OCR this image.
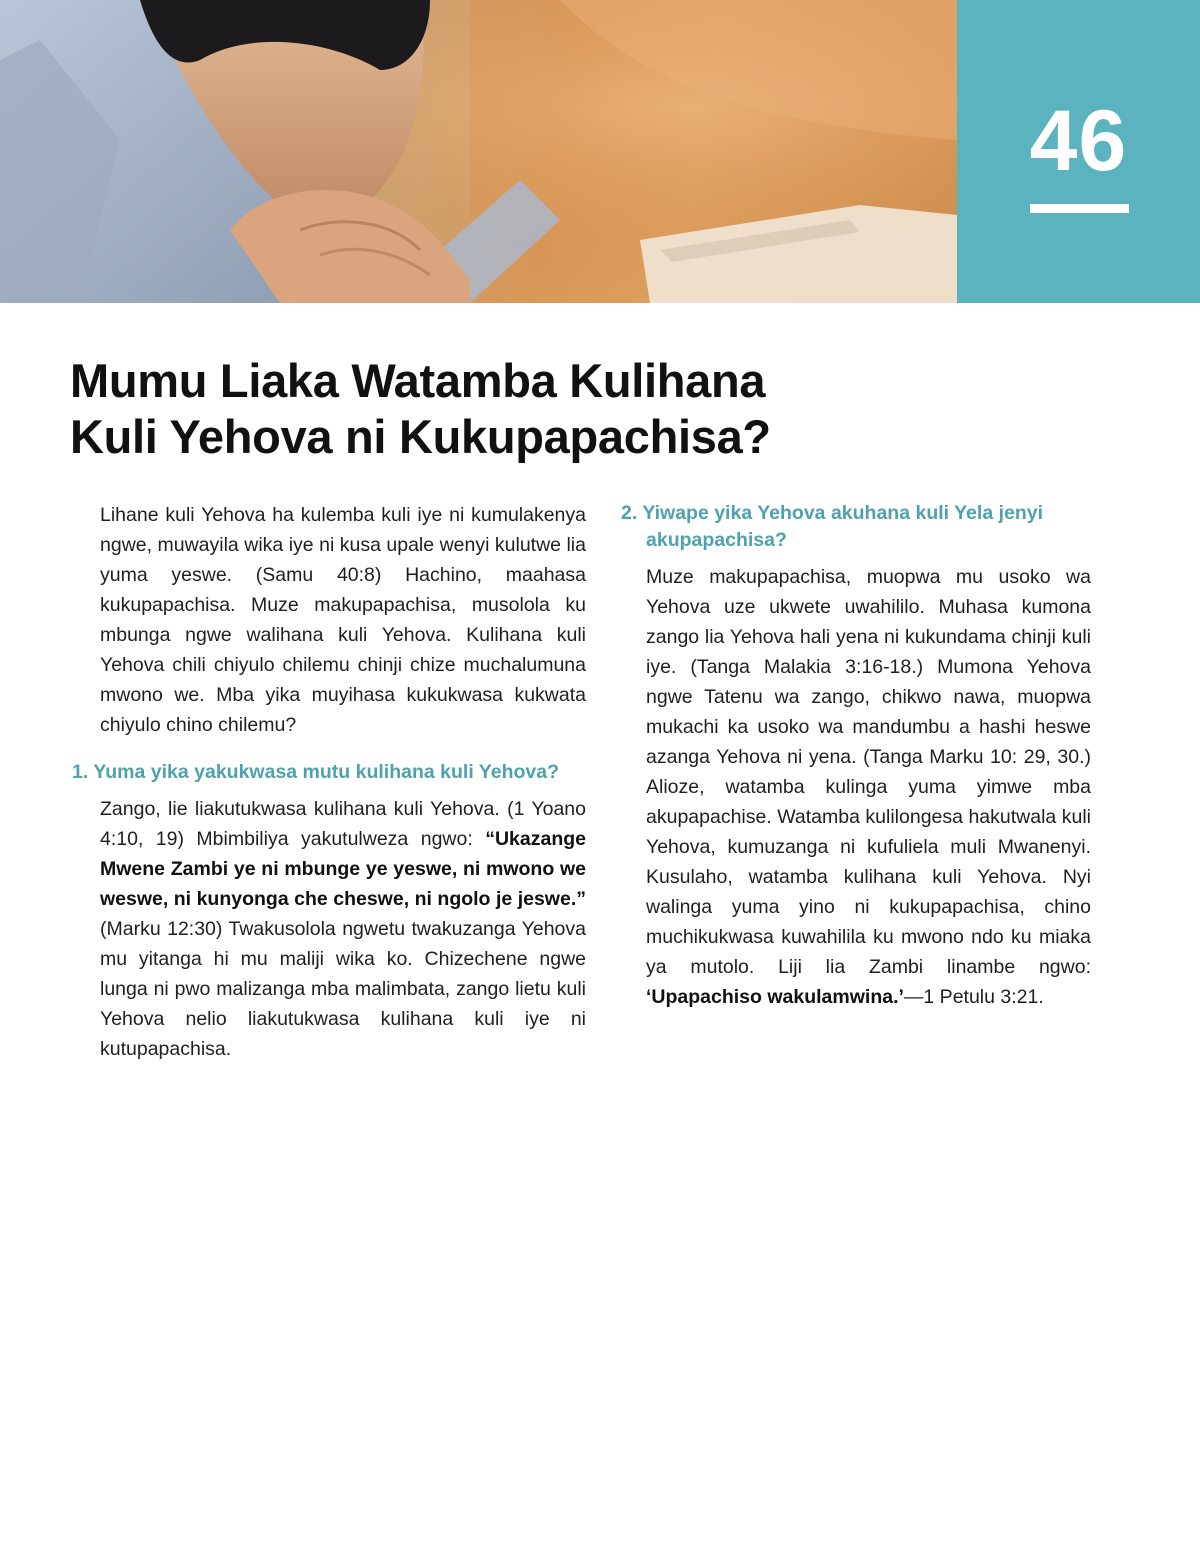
46
Mumu Liaka Watamba Kulihana
Kuli Yehova ni Kukupapachisa?

Lihane kuli Yehova ha kulemba kuli iye ni kumulakenya ngwe, muwayila wika iye ni kusa upale wenyi kulutwe lia yuma yeswe. (Samu 40:8) Hachino, maahasa kukupapachisa. Muze makupapachisa, musolola ku mbunga ngwe walihana kuli Yehova. Kulihana kuli Yehova chili chiyulo chilemu chinji chize muchalumuna mwono we. Mba yika muyihasa kukukwasa kukwata chiyulo chino chilemu?

1. Yuma yika yakukwasa mutu kulihana kuli Yehova?

Zango, lie liakutukwasa kulihana kuli Yehova. (1 Yoano 4:10, 19) Mbimbiliya yakutulweza ngwo: “Ukazange Mwene Zambi ye ni mbunge ye yeswe, ni mwono we weswe, ni kunyonga che cheswe, ni ngolo je jeswe.” (Marku 12:30) Twakusolola ngwetu twakuzanga Yehova mu yitanga hi mu maliji wika ko. Chizechene ngwe lunga ni pwo malizanga mba malimbata, zango lietu kuli Yehova nelio liakutukwasa kulihana kuli iye ni kutupapachisa.

2. Yiwape yika Yehova akuhana kuli Yela jenyi akupapachisa?

Muze makupapachisa, muopwa mu usoko wa Yehova uze ukwete uwahililo. Muhasa kumona zango lia Yehova hali yena ni kukundama chinji kuli iye. (Tanga Malakia 3:16-18.) Mumona Yehova ngwe Tatenu wa zango, chikwo nawa, muopwa mukachi ka usoko wa mandumbu a hashi heswe azanga Yehova ni yena. (Tanga Marku 10: 29, 30.) Alioze, watamba kulinga yuma yimwe mba akupapachise. Watamba kulilongesa hakutwala kuli Yehova, kumuzanga ni kufuliela muli Mwanenyi. Kusulaho, watamba kulihana kuli Yehova. Nyi walinga yuma yino ni kukupapachisa, chino muchikukwasa kuwahilila ku mwono ndo ku miaka ya mutolo. Liji lia Zambi linambe ngwo: ‘Upapachiso wakulamwina.’—1 Petulu 3:21.
